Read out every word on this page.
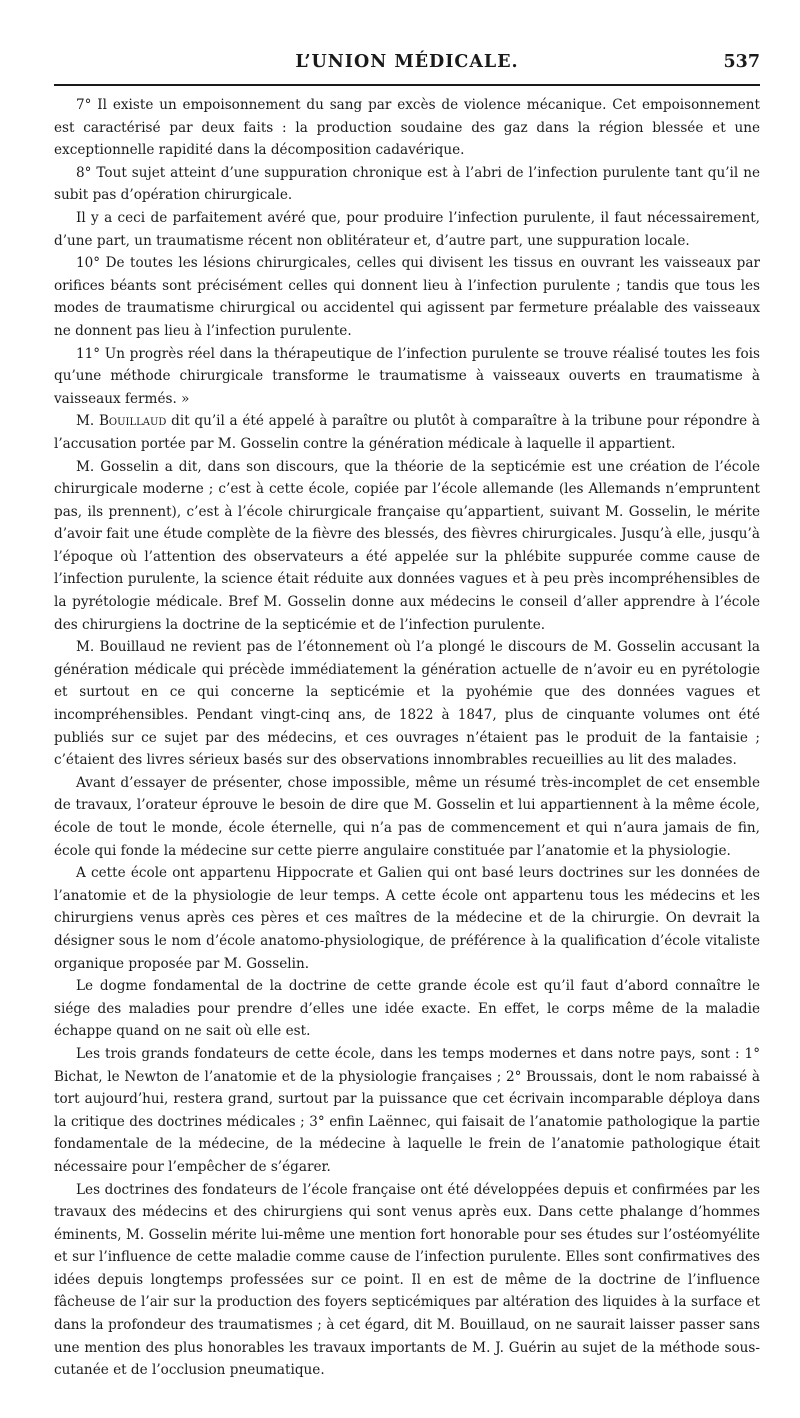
L’UNION MÉDICALE.	537

7° Il existe un empoisonnement du sang par excès de violence mécanique. Cet empoisonnement est caractérisé par deux faits : la production soudaine des gaz dans la région blessée et une exceptionnelle rapidité dans la décomposition cadavérique.

8° Tout sujet atteint d’une suppuration chronique est à l’abri de l’infection purulente tant qu’il ne subit pas d’opération chirurgicale.

Il y a ceci de parfaitement avéré que, pour produire l’infection purulente, il faut nécessairement, d’une part, un traumatisme récent non oblitérateur et, d’autre part, une suppuration locale.

10° De toutes les lésions chirurgicales, celles qui divisent les tissus en ouvrant les vaisseaux par orifices béants sont précisément celles qui donnent lieu à l’infection purulente ; tandis que tous les modes de traumatisme chirurgical ou accidentel qui agissent par fermeture préalable des vaisseaux ne donnent pas lieu à l’infection purulente.

11° Un progrès réel dans la thérapeutique de l’infection purulente se trouve réalisé toutes les fois qu’une méthode chirurgicale transforme le traumatisme à vaisseaux ouverts en traumatisme à vaisseaux fermés. »

M. Bouillaud dit qu’il a été appelé à paraître ou plutôt à comparaître à la tribune pour répondre à l’accusation portée par M. Gosselin contre la génération médicale à laquelle il appartient.

M. Gosselin a dit, dans son discours, que la théorie de la septicémie est une création de l’école chirurgicale moderne ; c’est à cette école, copiée par l’école allemande (les Allemands n’empruntent pas, ils prennent), c’est à l’école chirurgicale française qu’appartient, suivant M. Gosselin, le mérite d’avoir fait une étude complète de la fièvre des blessés, des fièvres chirurgicales. Jusqu’à elle, jusqu’à l’époque où l’attention des observateurs a été appelée sur la phlébite suppurée comme cause de l’infection purulente, la science était réduite aux données vagues et à peu près incompréhensibles de la pyrétologie médicale. Bref M. Gosselin donne aux médecins le conseil d’aller apprendre à l’école des chirurgiens la doctrine de la septicémie et de l’infection purulente.

M. Bouillaud ne revient pas de l’étonnement où l’a plongé le discours de M. Gosselin accusant la génération médicale qui précède immédiatement la génération actuelle de n’avoir eu en pyrétologie et surtout en ce qui concerne la septicémie et la pyohémie que des données vagues et incompréhensibles. Pendant vingt-cinq ans, de 1822 à 1847, plus de cinquante volumes ont été publiés sur ce sujet par des médecins, et ces ouvrages n’étaient pas le produit de la fantaisie ; c’étaient des livres sérieux basés sur des observations innombrables recueillies au lit des malades.

Avant d’essayer de présenter, chose impossible, même un résumé très-incomplet de cet ensemble de travaux, l’orateur éprouve le besoin de dire que M. Gosselin et lui appartiennent à la même école, école de tout le monde, école éternelle, qui n’a pas de commencement et qui n’aura jamais de fin, école qui fonde la médecine sur cette pierre angulaire constituée par l’anatomie et la physiologie.

A cette école ont appartenu Hippocrate et Galien qui ont basé leurs doctrines sur les données de l’anatomie et de la physiologie de leur temps. A cette école ont appartenu tous les médecins et les chirurgiens venus après ces pères et ces maîtres de la médecine et de la chirurgie. On devrait la désigner sous le nom d’école anatomo-physiologique, de préférence à la qualification d’école vitaliste organique proposée par M. Gosselin.

Le dogme fondamental de la doctrine de cette grande école est qu’il faut d’abord connaître le siége des maladies pour prendre d’elles une idée exacte. En effet, le corps même de la maladie échappe quand on ne sait où elle est.

Les trois grands fondateurs de cette école, dans les temps modernes et dans notre pays, sont : 1° Bichat, le Newton de l’anatomie et de la physiologie françaises ; 2° Broussais, dont le nom rabaissé à tort aujourd’hui, restera grand, surtout par la puissance que cet écrivain incomparable déploya dans la critique des doctrines médicales ; 3° enfin Laënnec, qui faisait de l’anatomie pathologique la partie fondamentale de la médecine, de la médecine à laquelle le frein de l’anatomie pathologique était nécessaire pour l’empêcher de s’égarer.

Les doctrines des fondateurs de l’école française ont été développées depuis et confirmées par les travaux des médecins et des chirurgiens qui sont venus après eux. Dans cette phalange d’hommes éminents, M. Gosselin mérite lui-même une mention fort honorable pour ses études sur l’ostéomyélite et sur l’influence de cette maladie comme cause de l’infection purulente. Elles sont confirmatives des idées depuis longtemps professées sur ce point. Il en est de même de la doctrine de l’influence fâcheuse de l’air sur la production des foyers septicémiques par altération des liquides à la surface et dans la profondeur des traumatismes ; à cet égard, dit M. Bouillaud, on ne saurait laisser passer sans une mention des plus honorables les travaux importants de M. J. Guérin au sujet de la méthode sous-cutanée et de l’occlusion pneumatique.
